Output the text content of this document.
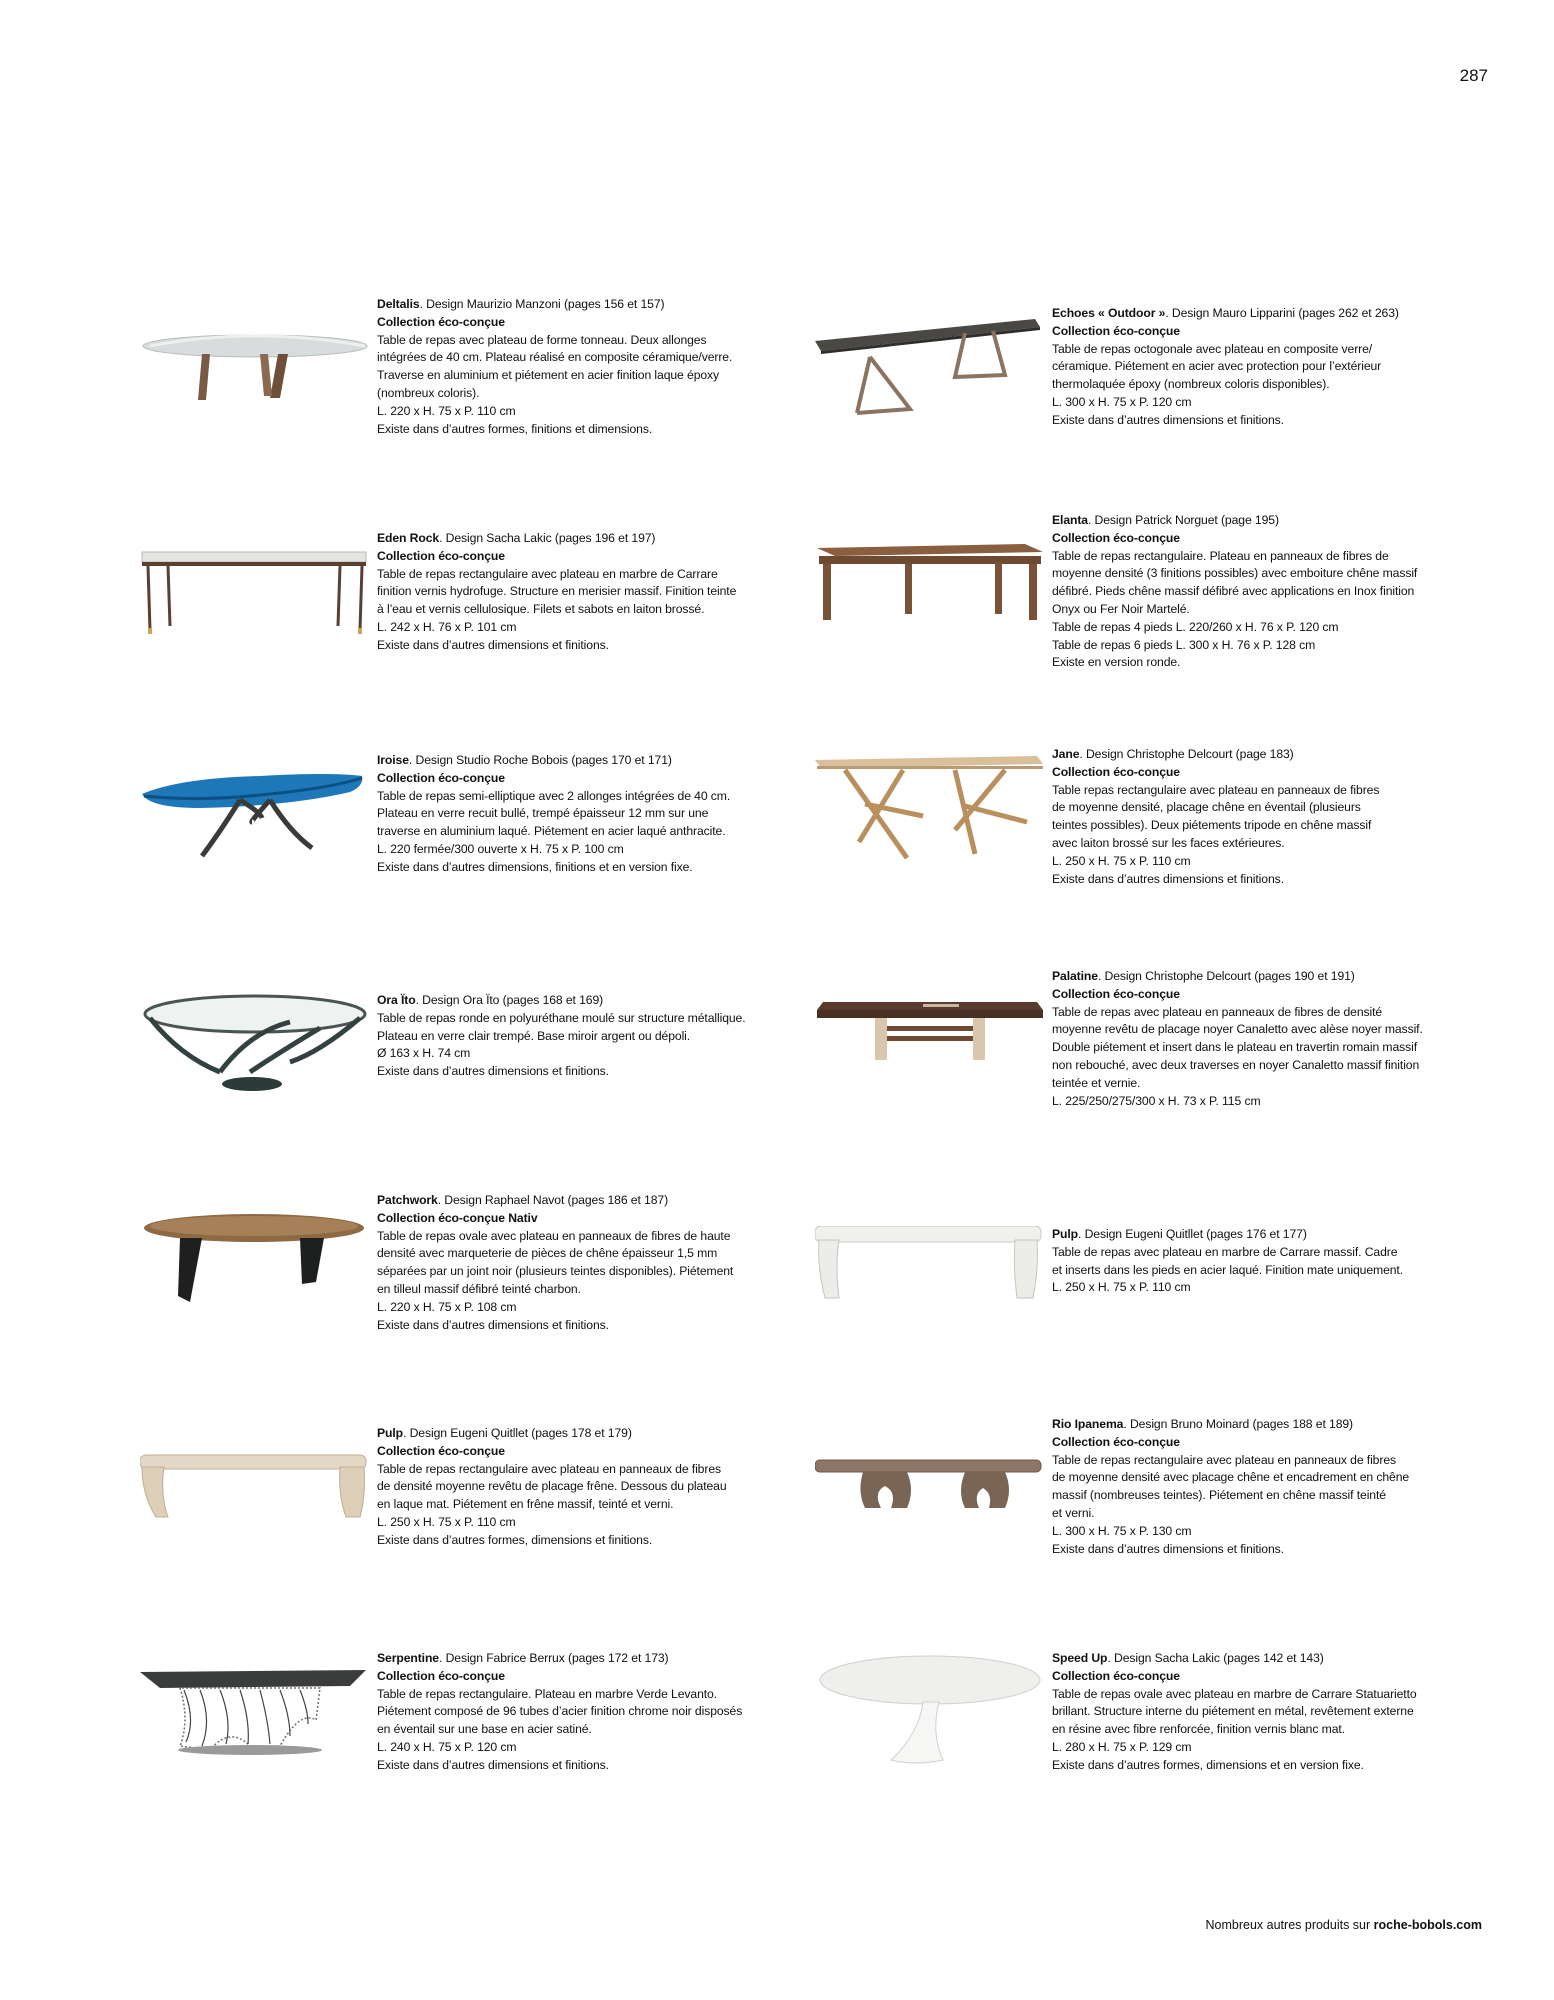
287
Deltalis. Design Maurizio Manzoni (pages 156 et 157)
Collection éco-conçue
Table de repas avec plateau de forme tonneau. Deux allonges
intégrées de 40 cm. Plateau réalisé en composite céramique/verre.
Traverse en aluminium et piétement en acier finition laque époxy
(nombreux coloris).
L. 220 x H. 75 x P. 110 cm
Existe dans d’autres formes, finitions et dimensions.
Echoes « Outdoor ». Design Mauro Lipparini (pages 262 et 263)
Collection éco-conçue
Table de repas octogonale avec plateau en composite verre/
céramique. Piétement en acier avec protection pour l’extérieur
thermolaquée époxy (nombreux coloris disponibles).
L. 300 x H. 75 x P. 120 cm
Existe dans d’autres dimensions et finitions.
Eden Rock. Design Sacha Lakic (pages 196 et 197)
Collection éco-conçue
Table de repas rectangulaire avec plateau en marbre de Carrare
finition vernis hydrofuge. Structure en merisier massif. Finition teinte
à l’eau et vernis cellulosique. Filets et sabots en laiton brossé.
L. 242 x H. 76 x P. 101 cm
Existe dans d’autres dimensions et finitions.
Elanta. Design Patrick Norguet (page 195)
Collection éco-conçue
Table de repas rectangulaire. Plateau en panneaux de fibres de
moyenne densité (3 finitions possibles) avec emboiture chêne massif
défibré. Pieds chêne massif défibré avec applications en Inox finition
Onyx ou Fer Noir Martelé.
Table de repas 4 pieds L. 220/260 x H. 76 x P. 120 cm
Table de repas 6 pieds L. 300 x H. 76 x P. 128 cm
Existe en version ronde.
Iroise. Design Studio Roche Bobois (pages 170 et 171)
Collection éco-conçue
Table de repas semi-elliptique avec 2 allonges intégrées de 40 cm.
Plateau en verre recuit bullé, trempé épaisseur 12 mm sur une
traverse en aluminium laqué. Piétement en acier laqué anthracite.
L. 220 fermée/300 ouverte x H. 75 x P. 100 cm
Existe dans d’autres dimensions, finitions et en version fixe.
Jane. Design Christophe Delcourt (page 183)
Collection éco-conçue
Table repas rectangulaire avec plateau en panneaux de fibres
de moyenne densité, placage chêne en éventail (plusieurs
teintes possibles). Deux piétements tripode en chêne massif
avec laiton brossé sur les faces extérieures.
L. 250 x H. 75 x P. 110 cm
Existe dans d’autres dimensions et finitions.
Ora Ïto. Design Ora Ïto (pages 168 et 169)
Table de repas ronde en polyuréthane moulé sur structure métallique.
Plateau en verre clair trempé. Base miroir argent ou dépoli.
Ø 163 x H. 74 cm
Existe dans d’autres dimensions et finitions.
Palatine. Design Christophe Delcourt (pages 190 et 191)
Collection éco-conçue
Table de repas avec plateau en panneaux de fibres de densité
moyenne revêtu de placage noyer Canaletto avec alèse noyer massif.
Double piétement et insert dans le plateau en travertin romain massif
non rebouché, avec deux traverses en noyer Canaletto massif finition
teintée et vernie.
L. 225/250/275/300 x H. 73 x P. 115 cm
Patchwork. Design Raphael Navot (pages 186 et 187)
Collection éco-conçue Nativ
Table de repas ovale avec plateau en panneaux de fibres de haute
densité avec marqueterie de pièces de chêne épaisseur 1,5 mm
séparées par un joint noir (plusieurs teintes disponibles). Piétement
en tilleul massif défibré teinté charbon.
L. 220 x H. 75 x P. 108 cm
Existe dans d’autres dimensions et finitions.
Pulp. Design Eugeni Quitllet (pages 176 et 177)
Table de repas avec plateau en marbre de Carrare massif. Cadre
et inserts dans les pieds en acier laqué. Finition mate uniquement.
L. 250 x H. 75 x P. 110 cm
Pulp. Design Eugeni Quitllet (pages 178 et 179)
Collection éco-conçue
Table de repas rectangulaire avec plateau en panneaux de fibres
de densité moyenne revêtu de placage frêne. Dessous du plateau
en laque mat. Piétement en frêne massif, teinté et verni.
L. 250 x H. 75 x P. 110 cm
Existe dans d’autres formes, dimensions et finitions.
Rio Ipanema. Design Bruno Moinard (pages 188 et 189)
Collection éco-conçue
Table de repas rectangulaire avec plateau en panneaux de fibres
de moyenne densité avec placage chêne et encadrement en chêne
massif (nombreuses teintes). Piétement en chêne massif teinté
et verni.
L. 300 x H. 75 x P. 130 cm
Existe dans d’autres dimensions et finitions.
Serpentine. Design Fabrice Berrux (pages 172 et 173)
Collection éco-conçue
Table de repas rectangulaire. Plateau en marbre Verde Levanto.
Piétement composé de 96 tubes d’acier finition chrome noir disposés
en éventail sur une base en acier satiné.
L. 240 x H. 75 x P. 120 cm
Existe dans d’autres dimensions et finitions.
Speed Up. Design Sacha Lakic (pages 142 et 143)
Collection éco-conçue
Table de repas ovale avec plateau en marbre de Carrare Statuarietto
brillant. Structure interne du piétement en métal, revêtement externe
en résine avec fibre renforcée, finition vernis blanc mat.
L. 280 x H. 75 x P. 129 cm
Existe dans d’autres formes, dimensions et en version fixe.
Nombreux autres produits sur roche-bobols.com
